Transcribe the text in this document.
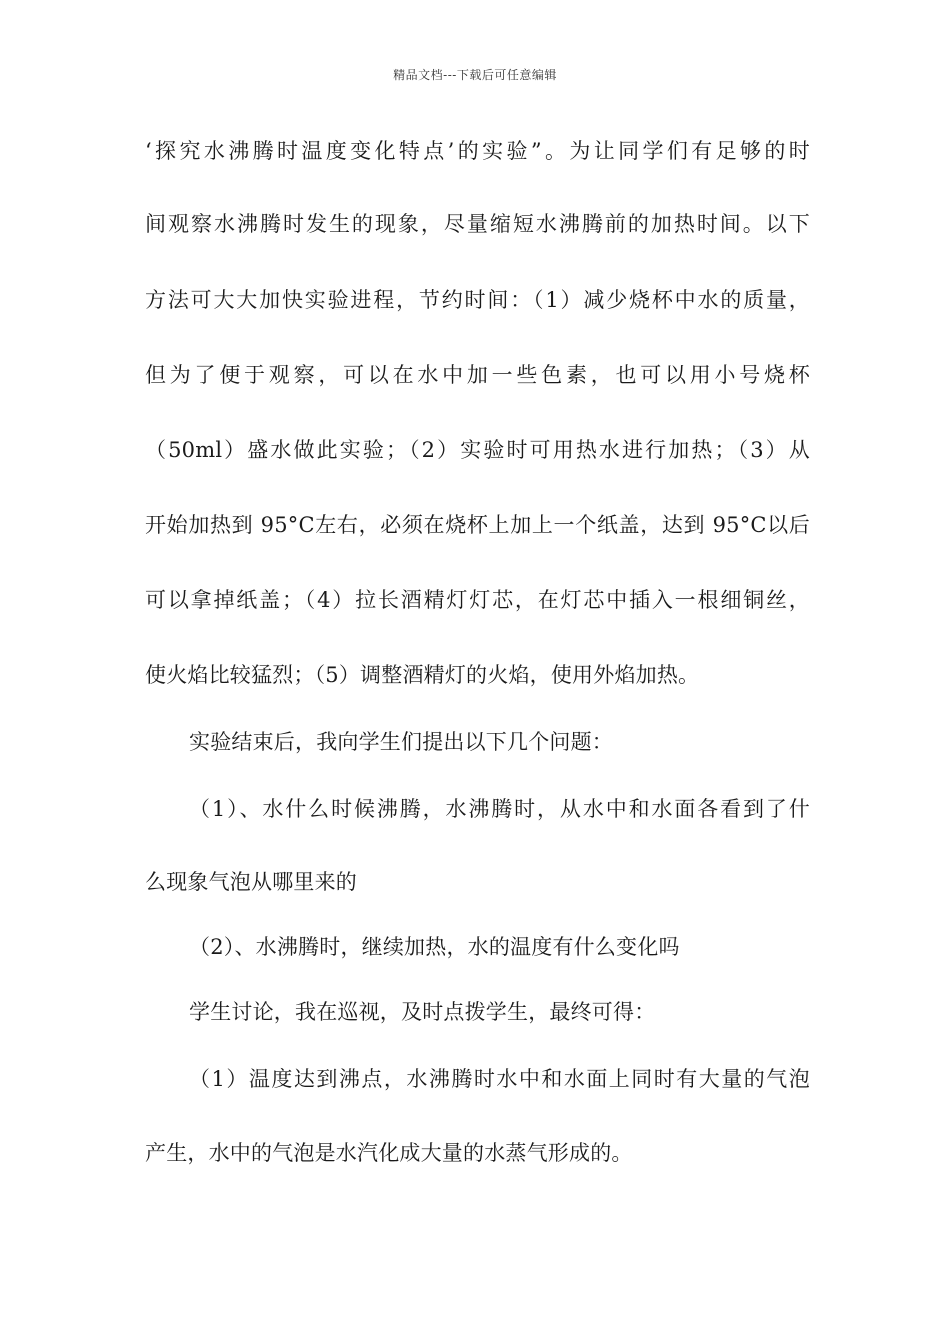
精品文档---下载后可任意编辑
‘探究水沸腾时温度变化特点’的实验”。为让同学们有足够的时
间观察水沸腾时发生的现象，尽量缩短水沸腾前的加热时间。以下
方法可大大加快实验进程，节约时间：（1）减少烧杯中水的质量，
但为了便于观察，可以在水中加一些色素，也可以用小号烧杯
（50ml）盛水做此实验；（2）实验时可用热水进行加热；（3）从
开始加热到 95°C左右，必须在烧杯上加上一个纸盖，达到 95°C以后
可以拿掉纸盖；（4）拉长酒精灯灯芯，在灯芯中插入一根细铜丝，
使火焰比较猛烈；（5）调整酒精灯的火焰，使用外焰加热。
实验结束后，我向学生们提出以下几个问题：
（1）、水什么时候沸腾，水沸腾时，从水中和水面各看到了什
么现象气泡从哪里来的
（2）、水沸腾时，继续加热，水的温度有什么变化吗
学生讨论，我在巡视，及时点拨学生，最终可得：
（1）温度达到沸点，水沸腾时水中和水面上同时有大量的气泡
产生，水中的气泡是水汽化成大量的水蒸气形成的。
